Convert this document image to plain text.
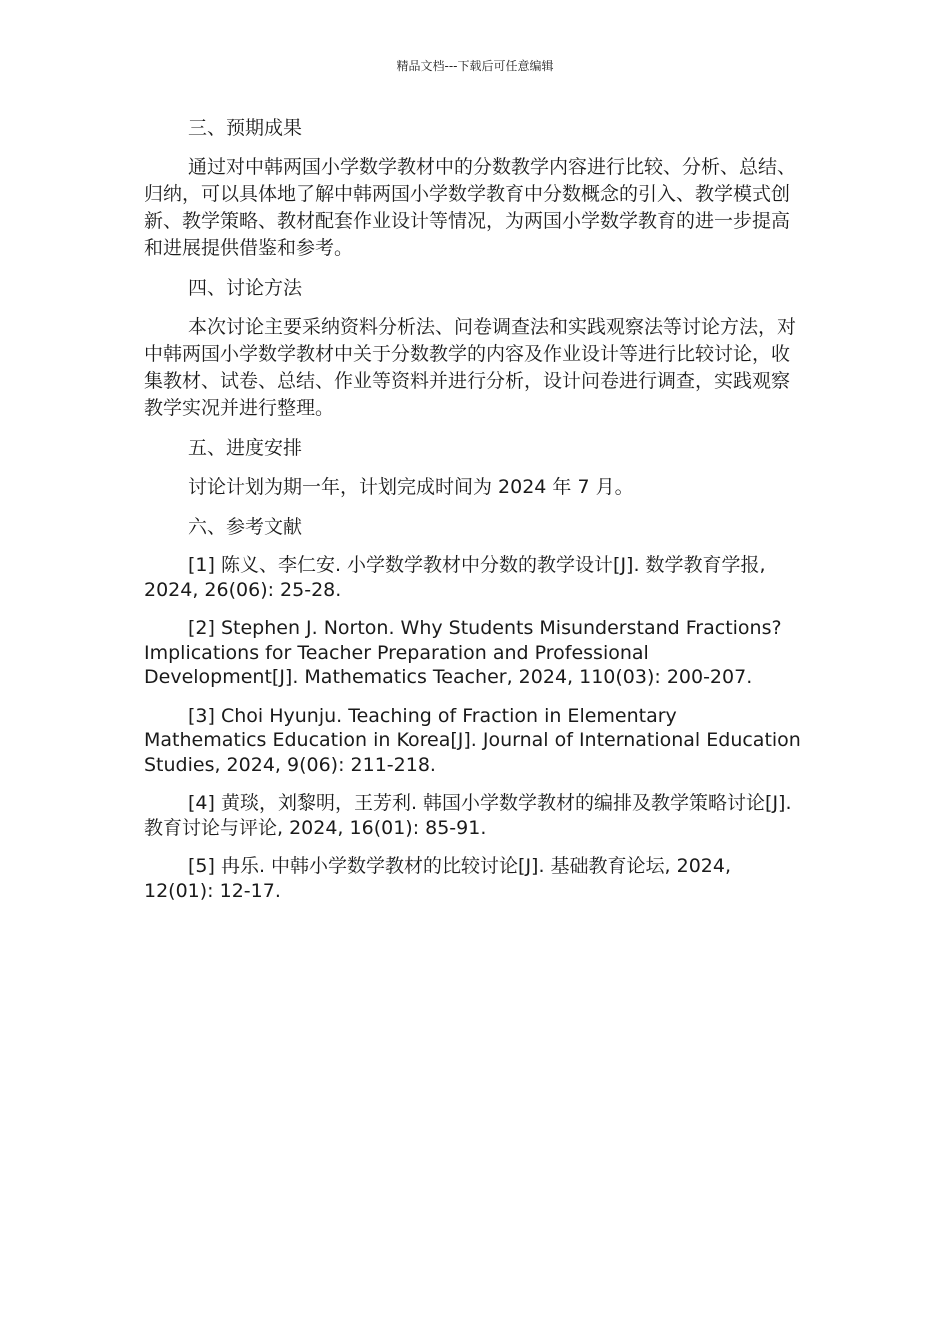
精品文档---下载后可任意编辑

三、预期成果

通过对中韩两国小学数学教材中的分数教学内容进行比较、分析、总结、归纳，可以具体地了解中韩两国小学数学教育中分数概念的引入、教学模式创新、教学策略、教材配套作业设计等情况，为两国小学数学教育的进一步提高和进展提供借鉴和参考。

四、讨论方法

本次讨论主要采纳资料分析法、问卷调查法和实践观察法等讨论方法，对中韩两国小学数学教材中关于分数教学的内容及作业设计等进行比较讨论，收集教材、试卷、总结、作业等资料并进行分析，设计问卷进行调查，实践观察教学实况并进行整理。

五、进度安排

讨论计划为期一年，计划完成时间为 2024 年 7 月。

六、参考文献

[1] 陈义、李仁安. 小学数学教材中分数的教学设计[J]. 数学教育学报, 2024, 26(06): 25-28.

[2] Stephen J. Norton. Why Students Misunderstand Fractions? Implications for Teacher Preparation and Professional Development[J]. Mathematics Teacher, 2024, 110(03): 200-207.

[3] Choi Hyunju. Teaching of Fraction in Elementary Mathematics Education in Korea[J]. Journal of International Education Studies, 2024, 9(06): 211-218.

[4] 黄琰，刘黎明，王芳利. 韩国小学数学教材的编排及教学策略讨论[J]. 教育讨论与评论, 2024, 16(01): 85-91.

[5] 冉乐. 中韩小学数学教材的比较讨论[J]. 基础教育论坛, 2024, 12(01): 12-17.
